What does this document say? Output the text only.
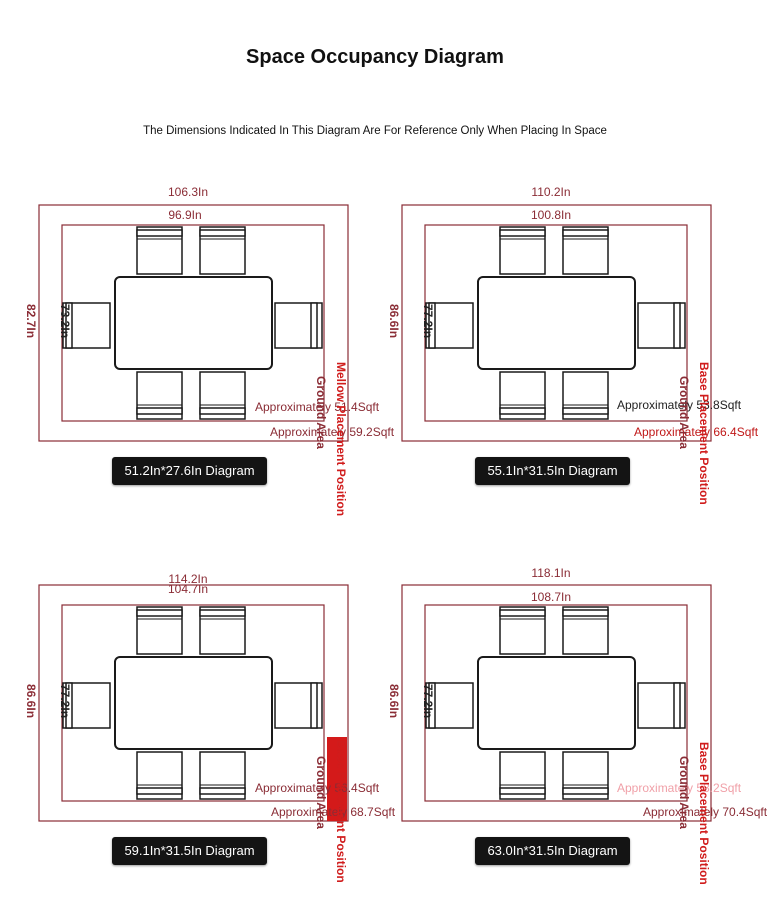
Space Occupancy Diagram
The Dimensions Indicated In This Diagram Are For Reference Only When Placing In Space
106.3In
96.9In
82.7In 73.2In
Approximately 51.4Sqft
Approximately 59.2Sqft
Mellow Placement Position
Ground Area
51.2In*27.6In Diagram
110.2In
100.8In
86.6In 77.2In
Approximately 53.8Sqft
Approximately 66.4Sqft
Base Placement Position
Ground Area
55.1In*31.5In Diagram
114.2In
104.7In
86.6In 77.2In
Approximately 56.4Sqft
Approximately 68.7Sqft
Base Placement Position
Ground Area
59.1In*31.5In Diagram
118.1In
108.7In
86.6In 77.2In
Approximately 58.2Sqft
Approximately 70.4Sqft
Base Placement Position
Ground Area
63.0In*31.5In Diagram
